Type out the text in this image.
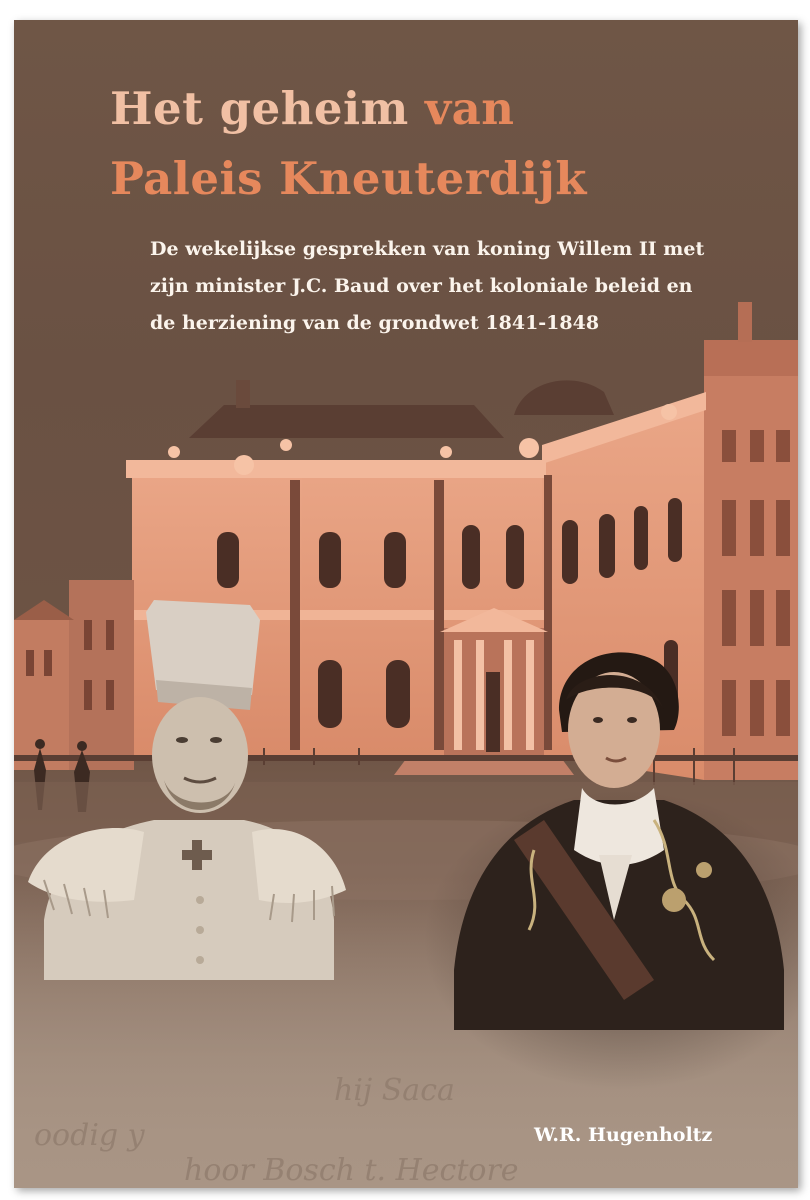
Het geheim van
Paleis Kneuterdijk

De wekelijkse gesprekken van koning Willem II met
zijn minister J.C. Baud over het koloniale beleid en
de herziening van de grondwet 1841-1848

hij Saca
oodig y
hoor Bosch t. Hectore

W.R. Hugenholtz
